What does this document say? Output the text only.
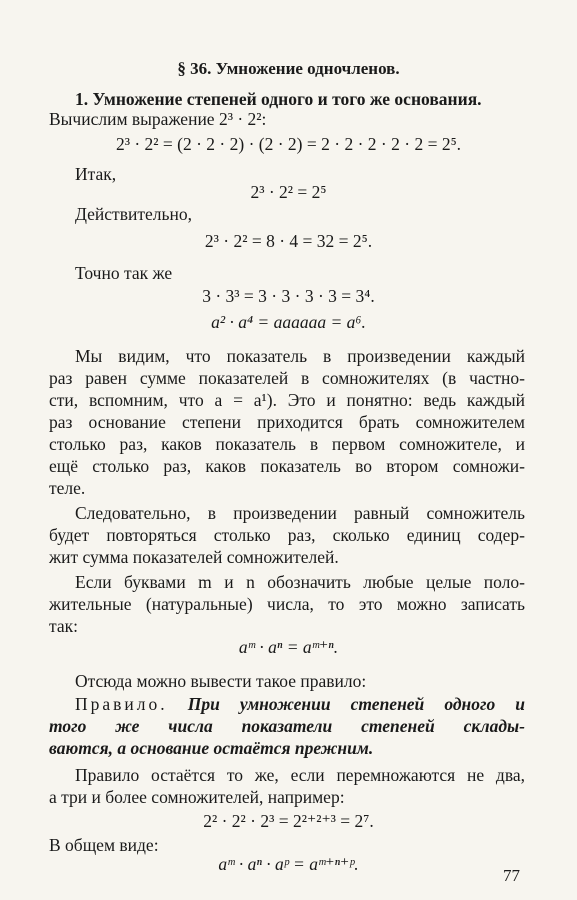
§ 36. Умножение одночленов.
1. Умножение степеней одного и того же основания.
Вычислим выражение 2³ · 2²:
2³ · 2² = (2 · 2 · 2) · (2 · 2) = 2 · 2 · 2 · 2 · 2 = 2⁵.
Итак,
2³ · 2² = 2⁵
Действительно,
2³ · 2² = 8 · 4 = 32 = 2⁵.
Точно так же
3 · 3³ = 3 · 3 · 3 · 3 = 3⁴.
a² · a⁴ = aaaaaa = a⁶.
Мы видим, что показатель в произведении каждый
раз равен сумме показателей в сомножителях (в частно-
сти, вспомним, что a = a¹). Это и понятно: ведь каждый
раз основание степени приходится брать сомножителем
столько раз, каков показатель в первом сомножителе, и
ещё столько раз, каков показатель во втором сомножи-
теле.
Следовательно, в произведении равный сомножитель
будет повторяться столько раз, сколько единиц содер-
жит сумма показателей сомножителей.
Если буквами m и n обозначить любые целые поло-
жительные (натуральные) числа, то это можно записать
так:
aᵐ · aⁿ = aᵐ⁺ⁿ.
Отсюда можно вывести такое правило:
Правило. При умножении степеней одного и
того же числа показатели степеней склады-
ваются, а основание остаётся прежним.
Правило остаётся то же, если перемножаются не два,
а три и более сомножителей, например:
2² · 2² · 2³ = 2²⁺²⁺³ = 2⁷.
В общем виде:
aᵐ · aⁿ · aᵖ = aᵐ⁺ⁿ⁺ᵖ.
77
